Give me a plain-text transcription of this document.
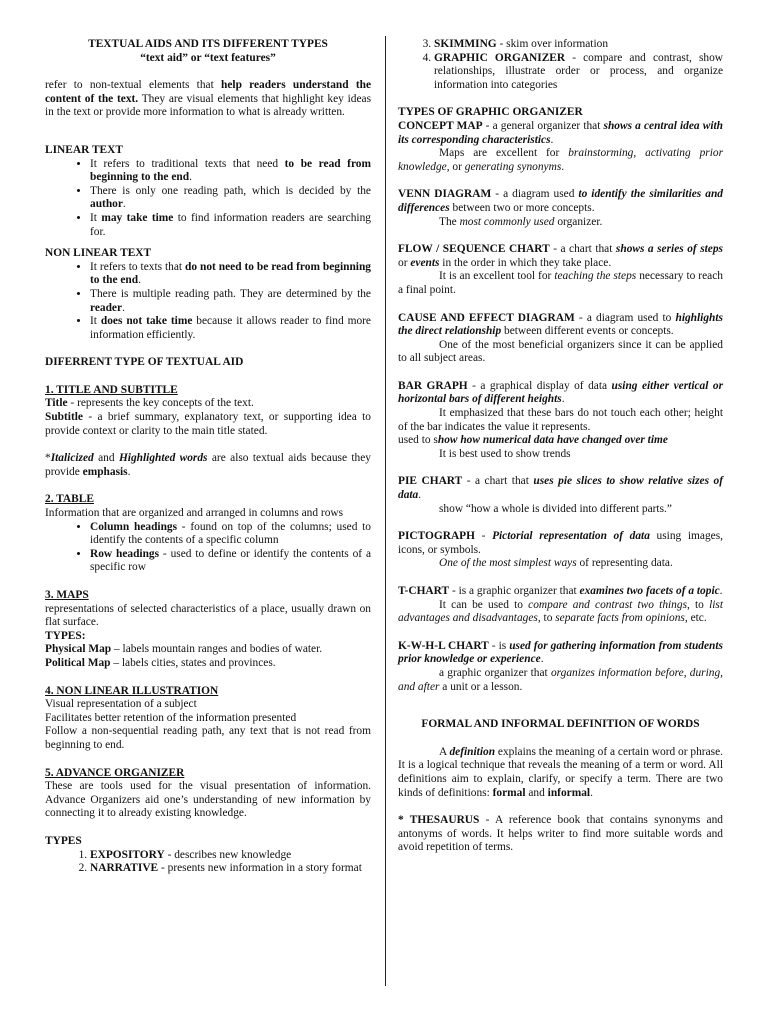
TEXTUAL AIDS AND ITS DIFFERENT TYPES

“text aid” or “text features”

refer to non-textual elements that help readers understand the content of the text. They are visual elements that highlight key ideas in the text or provide more information to what is already written.

LINEAR TEXT

• It refers to traditional texts that need to be read from beginning to the end.
• There is only one reading path, which is decided by the author.
• It may take time to find information readers are searching for.

NON LINEAR TEXT

• It refers to texts that do not need to be read from beginning to the end.
• There is multiple reading path. They are determined by the reader.
• It does not take time because it allows reader to find more information efficiently.

DIFERRENT TYPE OF TEXTUAL AID

1. TITLE AND SUBTITLE

Title - represents the key concepts of the text.

Subtitle - a brief summary, explanatory text, or supporting idea to provide context or clarity to the main title stated.

*Italicized and Highlighted words are also textual aids because they provide emphasis.

2. TABLE

Information that are organized and arranged in columns and rows

• Column headings - found on top of the columns; used to identify the contents of a specific column
• Row headings - used to define or identify the contents of a specific row

3. MAPS

representations of selected characteristics of a place, usually drawn on flat surface.

TYPES:

Physical Map – labels mountain ranges and bodies of water.

Political Map – labels cities, states and provinces.

4. NON LINEAR ILLUSTRATION

Visual representation of a subject

Facilitates better retention of the information presented

Follow a non-sequential reading path, any text that is not read from beginning to end.

5. ADVANCE ORGANIZER

These are tools used for the visual presentation of information. Advance Organizers aid one’s understanding of new information by connecting it to already existing knowledge.

TYPES

1. EXPOSITORY - describes new knowledge
2. NARRATIVE - presents new information in a story format
3. SKIMMING - skim over information
4. GRAPHIC ORGANIZER - compare and contrast, show relationships, illustrate order or process, and organize information into categories

TYPES OF GRAPHIC ORGANIZER

CONCEPT MAP - a general organizer that shows a central idea with its corresponding characteristics.

Maps are excellent for brainstorming, activating prior knowledge, or generating synonyms.

VENN DIAGRAM - a diagram used to identify the similarities and differences between two or more concepts.

The most commonly used organizer.

FLOW / SEQUENCE CHART - a chart that shows a series of steps or events in the order in which they take place.

It is an excellent tool for teaching the steps necessary to reach a final point.

CAUSE AND EFFECT DIAGRAM - a diagram used to highlights the direct relationship between different events or concepts.

One of the most beneficial organizers since it can be applied to all subject areas.

BAR GRAPH - a graphical display of data using either vertical or horizontal bars of different heights.

It emphasized that these bars do not touch each other; height of the bar indicates the value it represents.

used to show how numerical data have changed over time

It is best used to show trends

PIE CHART - a chart that uses pie slices to show relative sizes of data.

show “how a whole is divided into different parts.”

PICTOGRAPH - Pictorial representation of data using images, icons, or symbols.

One of the most simplest ways of representing data.

T-CHART - is a graphic organizer that examines two facets of a topic.

It can be used to compare and contrast two things, to list advantages and disadvantages, to separate facts from opinions, etc.

K-W-H-L CHART - is used for gathering information from students prior knowledge or experience.

a graphic organizer that organizes information before, during, and after a unit or a lesson.

FORMAL AND INFORMAL DEFINITION OF WORDS

A definition explains the meaning of a certain word or phrase. It is a logical technique that reveals the meaning of a term or word. All definitions aim to explain, clarify, or specify a term. There are two kinds of definitions: formal and informal.

* THESAURUS - A reference book that contains synonyms and antonyms of words. It helps writer to find more suitable words and avoid repetition of terms.
